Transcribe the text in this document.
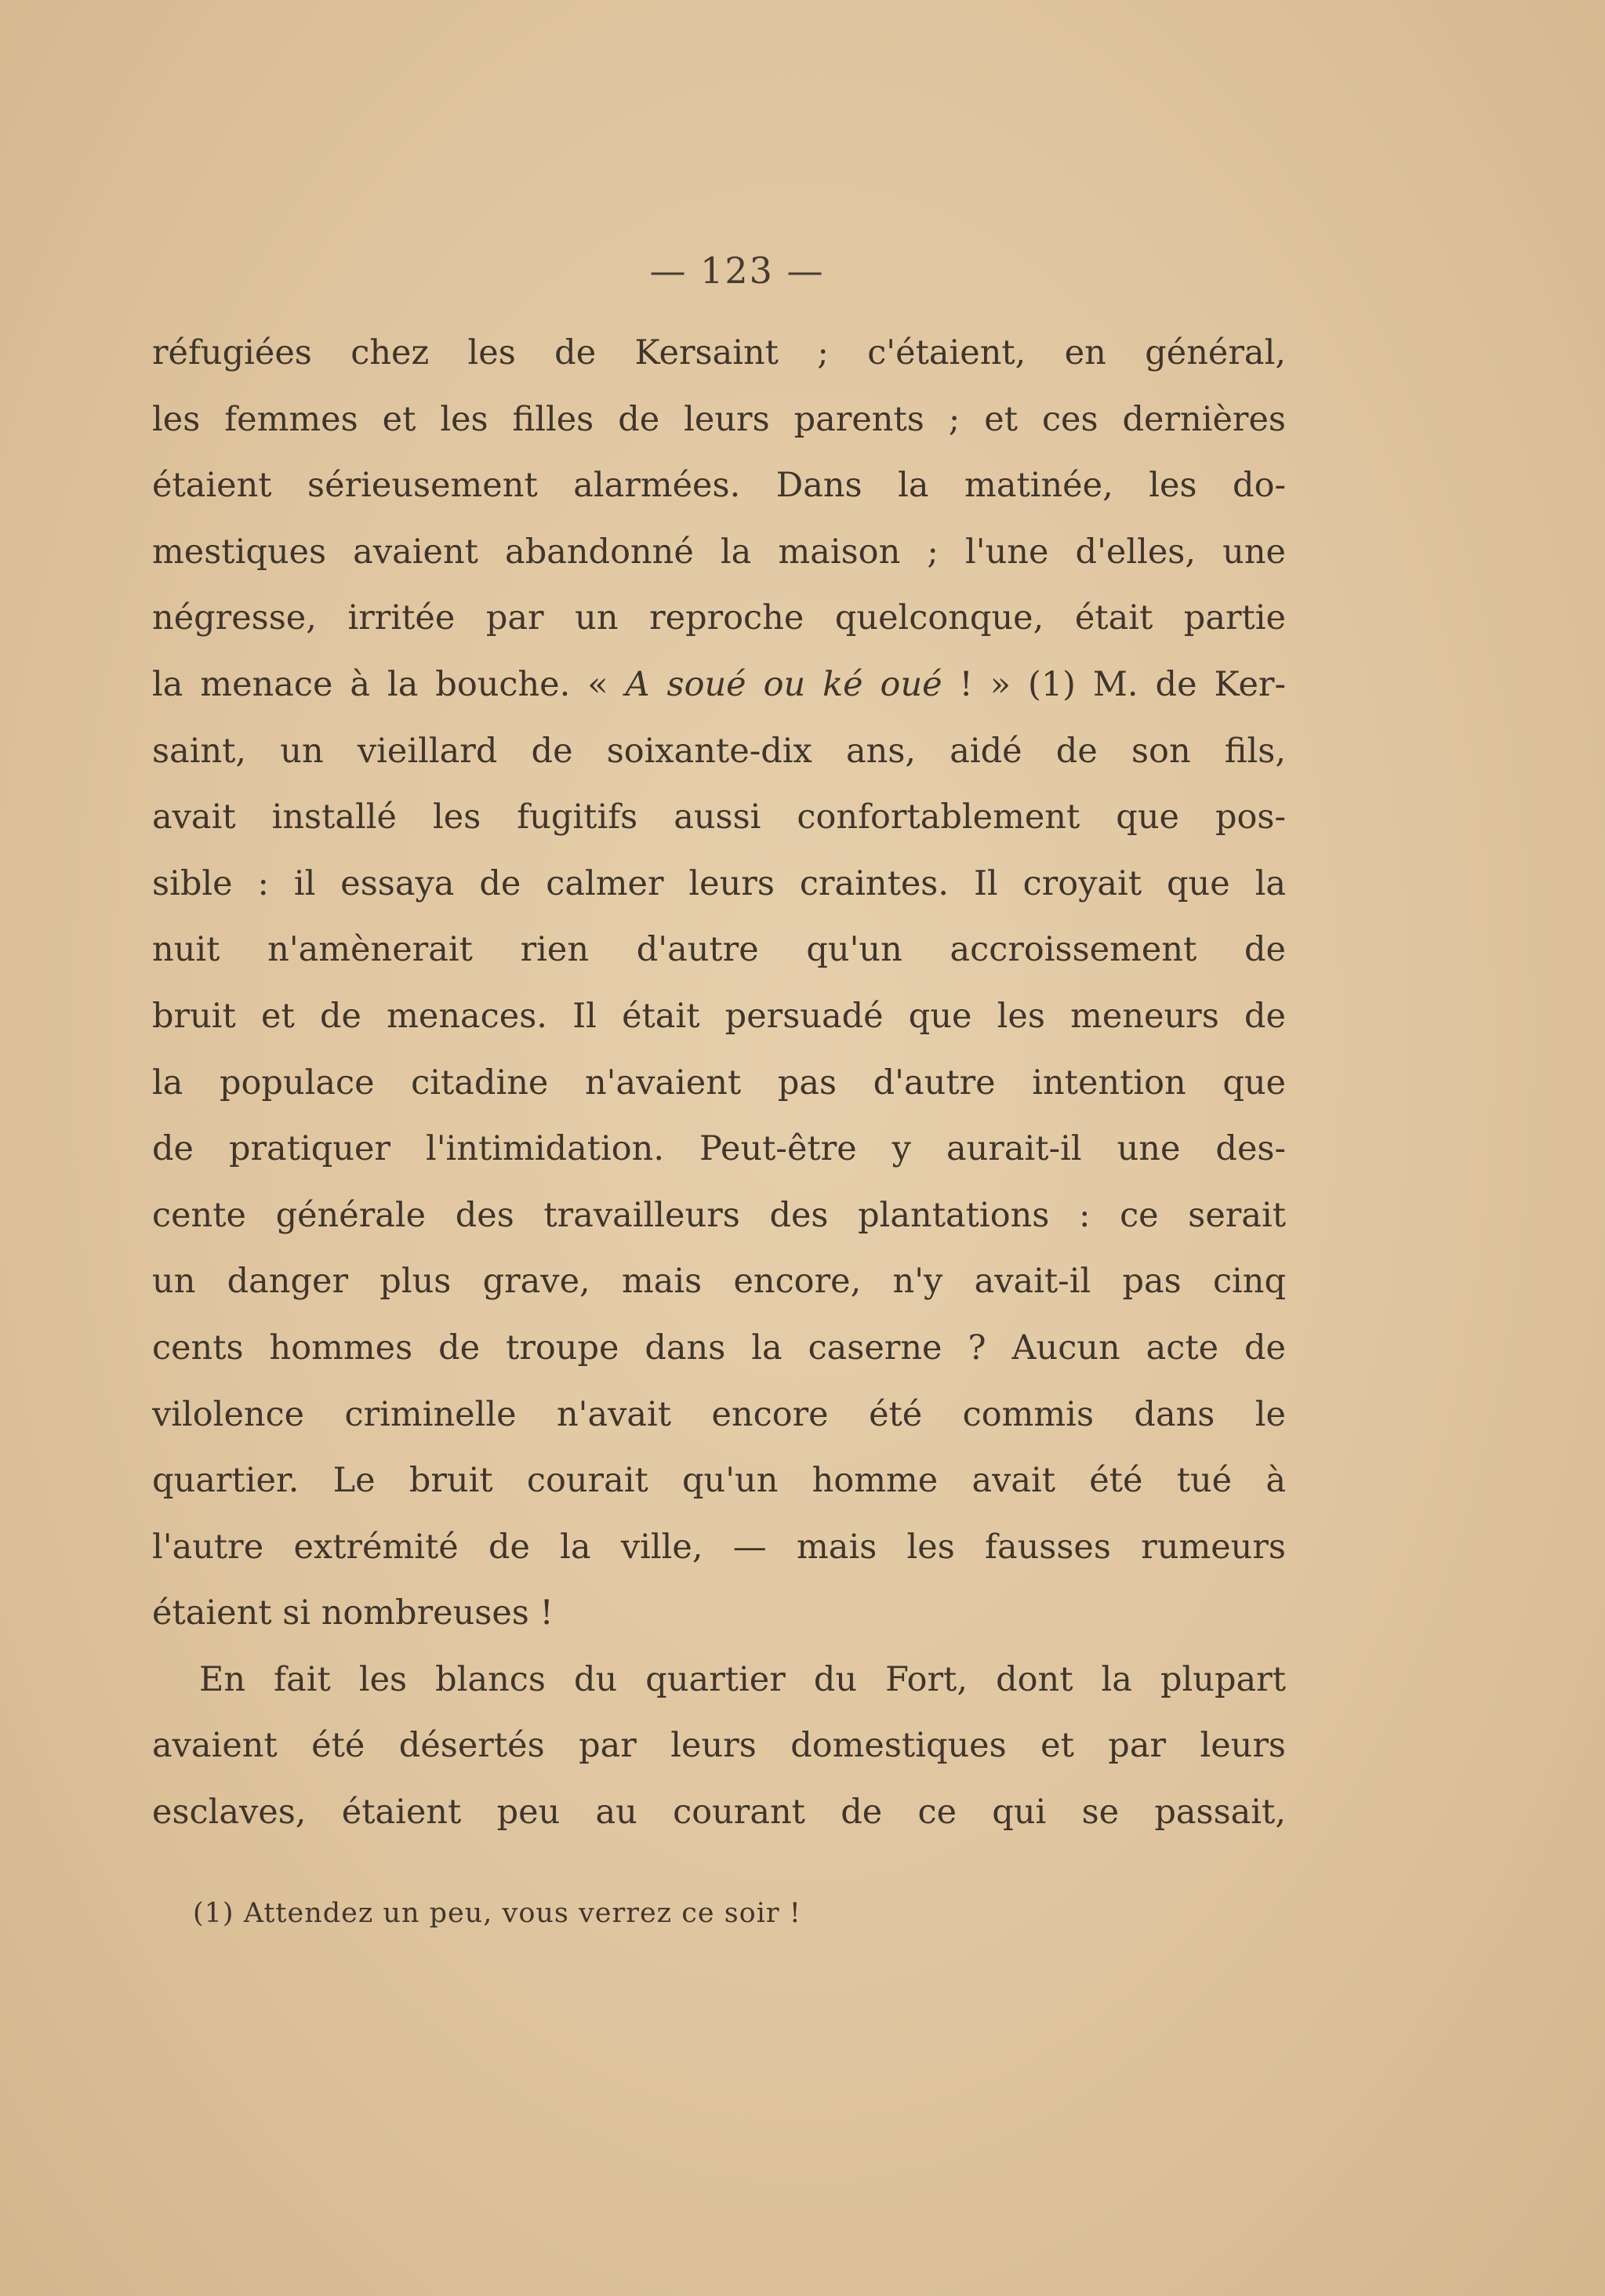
— 123 —
réfugiées chez les de Kersaint ; c'étaient, en général,
les femmes et les filles de leurs parents ; et ces dernières
étaient sérieusement alarmées. Dans la matinée, les do-
mestiques avaient abandonné la maison ; l'une d'elles, une
négresse, irritée par un reproche quelconque, était partie
la menace à la bouche. « A soué ou ké oué ! » (1) M. de Ker-
saint, un vieillard de soixante-dix ans, aidé de son fils,
avait installé les fugitifs aussi confortablement que pos-
sible : il essaya de calmer leurs craintes. Il croyait que la
nuit n'amènerait rien d'autre qu'un accroissement de
bruit et de menaces. Il était persuadé que les meneurs de
la populace citadine n'avaient pas d'autre intention que
de pratiquer l'intimidation. Peut-être y aurait-il une des-
cente générale des travailleurs des plantations : ce serait
un danger plus grave, mais encore, n'y avait-il pas cinq
cents hommes de troupe dans la caserne ? Aucun acte de
vilolence criminelle n'avait encore été commis dans le
quartier. Le bruit courait qu'un homme avait été tué à
l'autre extrémité de la ville, — mais les fausses rumeurs
étaient si nombreuses !
En fait les blancs du quartier du Fort, dont la plupart
avaient été désertés par leurs domestiques et par leurs
esclaves, étaient peu au courant de ce qui se passait,
(1) Attendez un peu, vous verrez ce soir !
